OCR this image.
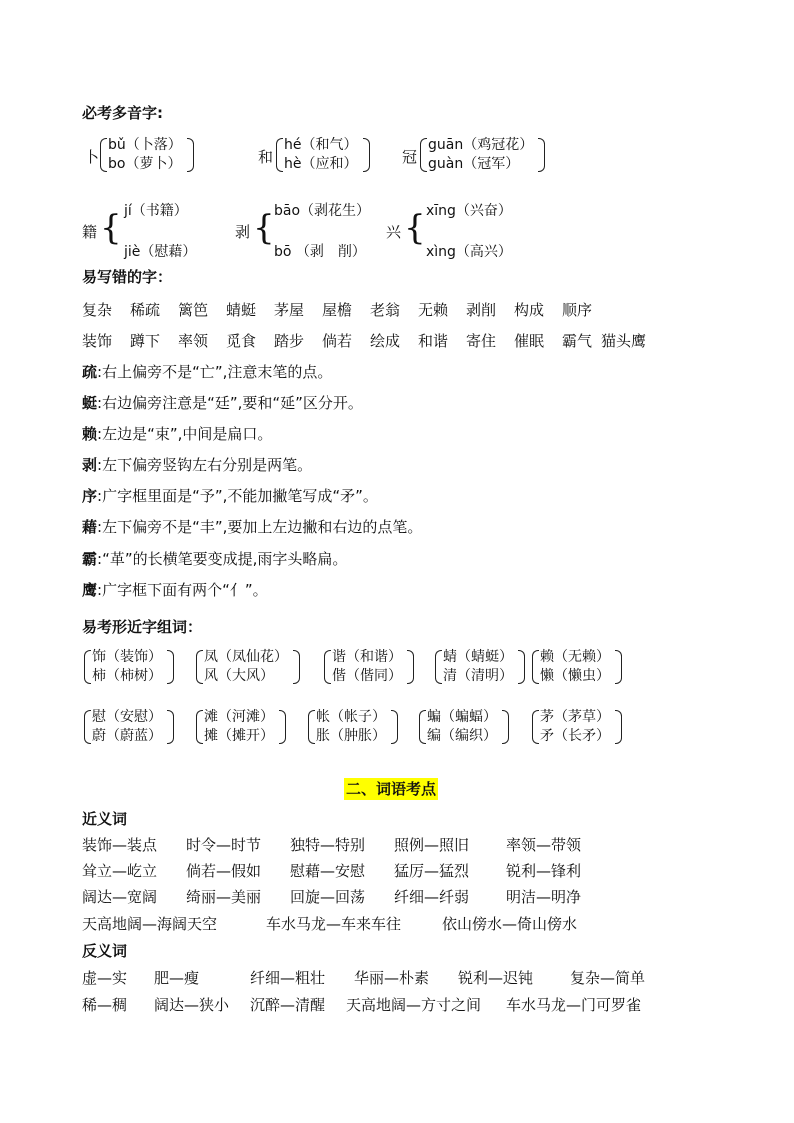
必考多音字:
卜
bǔ（卜落）
bo（萝卜）	和
hé（和气）
hè（应和）	冠
guān（鸡冠花）
guàn（冠军）
籍 { jí（书籍）
jiè（慰藉）
剥 { bāo（剥花生）
bō （剥　削）
兴 { xīng（兴奋）
xìng（高兴）
易写错的字：
复杂 稀疏 篱笆 蜻蜓 茅屋 屋檐 老翁 无赖 剥削 构成 顺序
装饰 蹲下 率领 觅食 踏步 倘若 绘成 和谐 寄住 催眠 霸气 猫头鹰
疏:右上偏旁不是“亡”,注意末笔的点。
蜓:右边偏旁注意是“廷”,要和“延”区分开。
赖:左边是“束”,中间是扁口。
剥:左下偏旁竖钩左右分别是两笔。
序:广字框里面是“予”,不能加撇笔写成“矛”。
藉:左下偏旁不是“丰”,要加上左边撇和右边的点笔。
霸:“革”的长横笔要变成提,雨字头略扁。
鹰:广字框下面有两个“亻”。
易考形近字组词：
饰（装饰）
柿（柿树）
凤（凤仙花）
风（大风）
谐（和谐）
偕（偕同）
蜻（蜻蜓）
清（清明）
赖（无赖）
懒（懒虫）
慰（安慰）
蔚（蔚蓝）
滩（河滩）
摊（摊开）
帐（帐子）
胀（肿胀）
蝙（蝙蝠）
编（编织）
茅（茅草）
矛（长矛）
二、词语考点
近义词
装饰—装点 时令—时节 独特—特别 照例—照旧 率领—带领
耸立—屹立 倘若—假如 慰藉—安慰 猛厉—猛烈 锐利—锋利
阔达—宽阔 绮丽—美丽 回旋—回荡 纤细—纤弱 明洁—明净
天高地阔—海阔天空	车水马龙—车来车往	依山傍水—倚山傍水
反义词
虚—实 肥—瘦	纤细—粗壮 华丽—朴素 锐利—迟钝 复杂—简单
稀—稠 阔达—狭小 沉醉—清醒 天高地阔—方寸之间 车水马龙—门可罗雀
